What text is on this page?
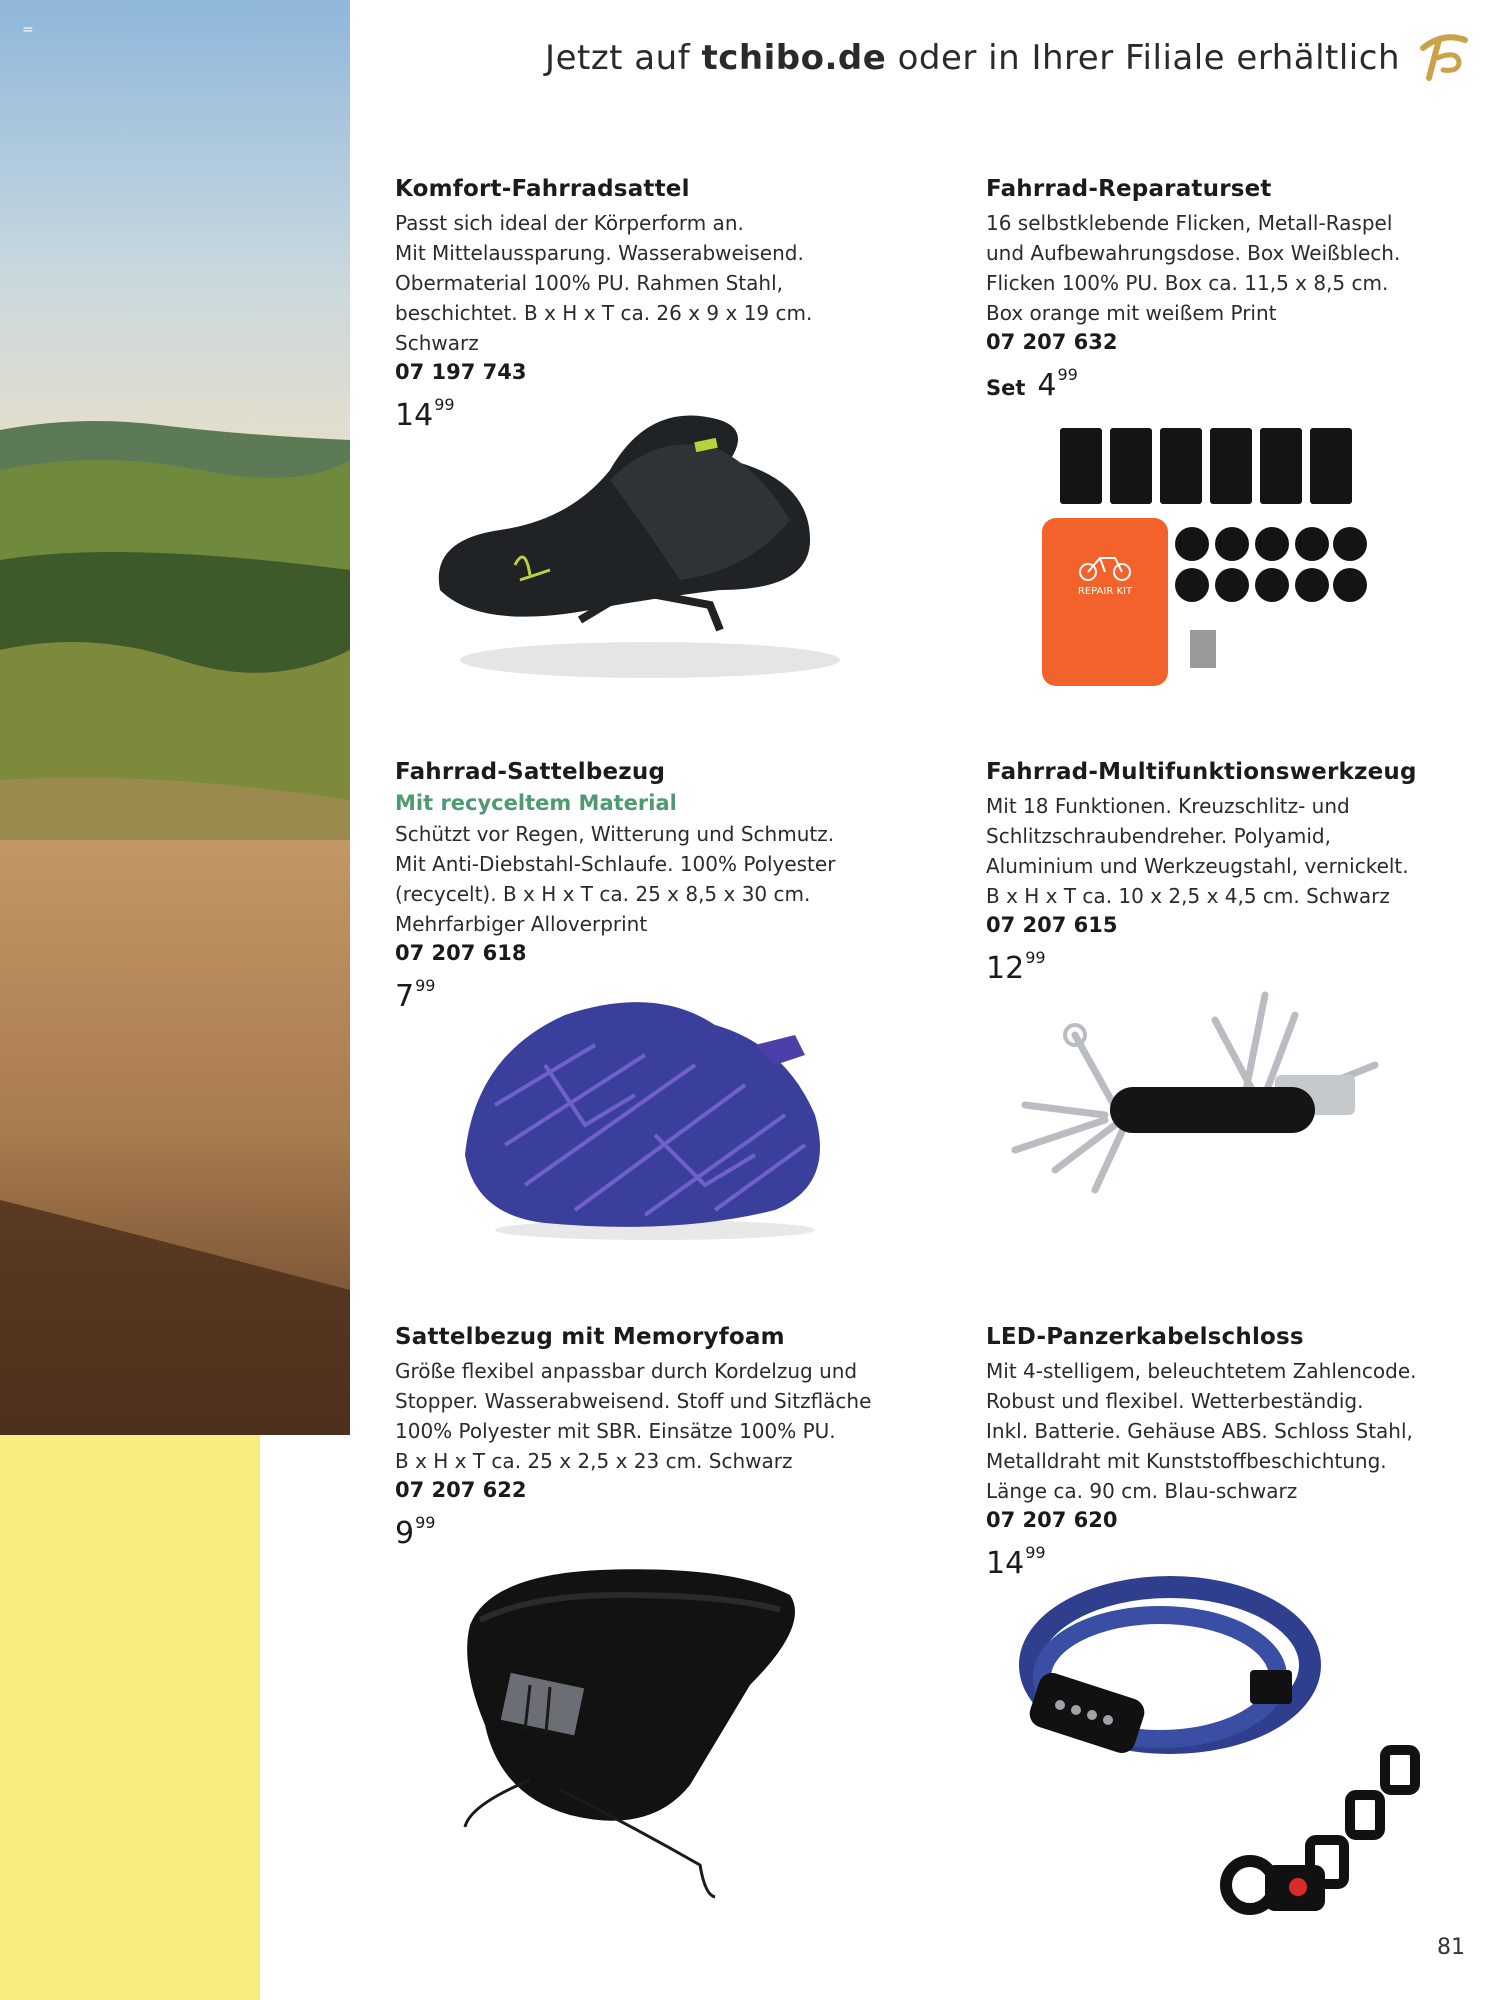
=
Jetzt auf tchibo.de oder in Ihrer Filiale erhältlich
Komfort-Fahrradsattel
Passt sich ideal der Körperform an.
Mit Mittelaussparung. Wasserabweisend.
Obermaterial 100% PU. Rahmen Stahl,
beschichtet. B x H x T ca. 26 x 9 x 19 cm.
Schwarz
07 197 743
14 99
Fahrrad-Reparaturset
16 selbstklebende Flicken, Metall-Raspel
und Aufbewahrungsdose. Box Weißblech.
Flicken 100% PU. Box ca. 11,5 x 8,5 cm.
Box orange mit weißem Print
07 207 632
Set 4 99
REPAIR KIT
Fahrrad-Sattelbezug
Mit recyceltem Material
Schützt vor Regen, Witterung und Schmutz.
Mit Anti-Diebstahl-Schlaufe. 100% Polyester
(recycelt). B x H x T ca. 25 x 8,5 x 30 cm.
Mehrfarbiger Alloverprint
07 207 618
7 99
Fahrrad-Multifunktionswerkzeug
Mit 18 Funktionen. Kreuzschlitz- und
Schlitzschraubendreher. Polyamid,
Aluminium und Werkzeugstahl, vernickelt.
B x H x T ca. 10 x 2,5 x 4,5 cm. Schwarz
07 207 615
12 99
Sattelbezug mit Memoryfoam
Größe flexibel anpassbar durch Kordelzug und
Stopper. Wasserabweisend. Stoff und Sitzfläche
100% Polyester mit SBR. Einsätze 100% PU.
B x H x T ca. 25 x 2,5 x 23 cm. Schwarz
07 207 622
9 99
LED-Panzerkabelschloss
Mit 4-stelligem, beleuchtetem Zahlencode.
Robust und flexibel. Wetterbeständig.
Inkl. Batterie. Gehäuse ABS. Schloss Stahl,
Metalldraht mit Kunststoffbeschichtung.
Länge ca. 90 cm. Blau-schwarz
07 207 620
14 99
81
